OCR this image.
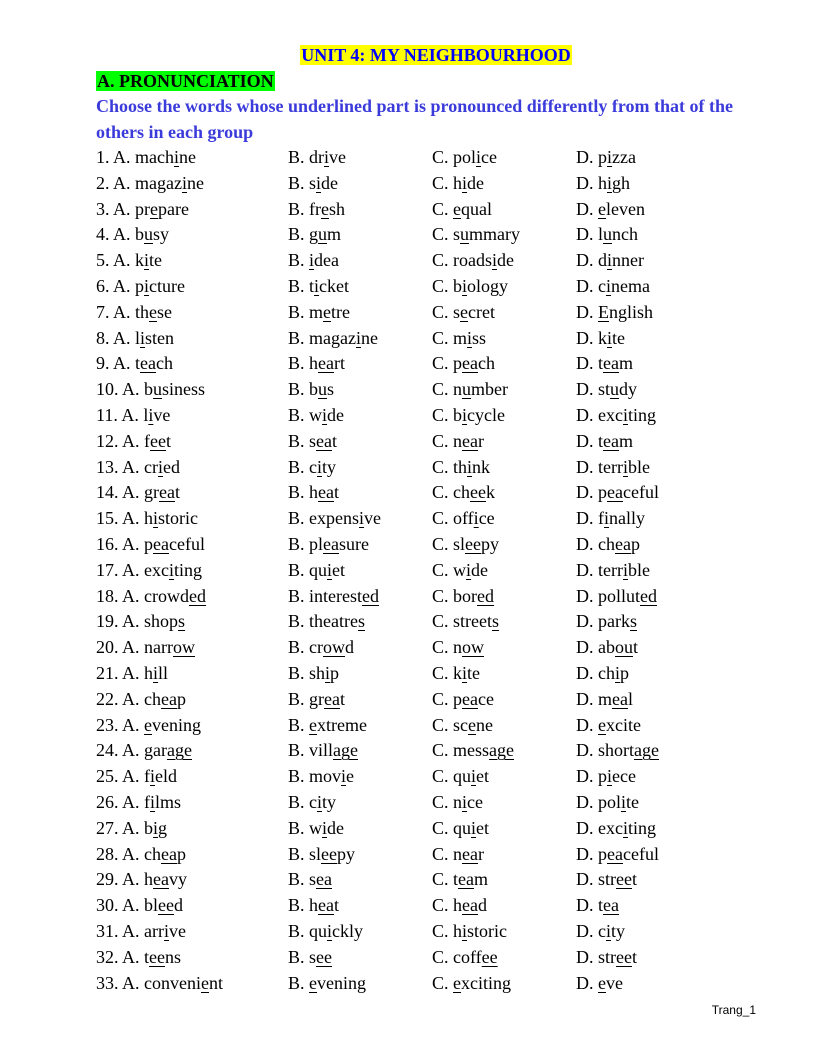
UNIT 4: MY NEIGHBOURHOOD
A. PRONUNCIATION
Choose the words whose underlined part is pronounced differently from that of the others in each group
1. A. machine	B. drive	C. police	D. pizza
2. A. magazine	B. side	C. hide	D. high
3. A. prepare	B. fresh	C. equal	D. eleven
4. A. busy	B. gum	C. summary	D. lunch
5. A. kite	B. idea	C. roadside	D. dinner
6. A. picture	B. ticket	C. biology	D. cinema
7. A. these	B. metre	C. secret	D. English
8. A. listen	B. magazine	C. miss	D. kite
9. A. teach	B. heart	C. peach	D. team
10. A. business	B. bus	C. number	D. study
11. A. live	B. wide	C. bicycle	D. exciting
12. A. feet	B. seat	C. near	D. team
13. A. cried	B. city	C. think	D. terrible
14. A. great	B. heat	C. cheek	D. peaceful
15. A. historic	B. expensive	C. office	D. finally
16. A. peaceful	B. pleasure	C. sleepy	D. cheap
17. A. exciting	B. quiet	C. wide	D. terrible
18. A. crowded	B. interested	C. bored	D. polluted
19. A. shops	B. theatres	C. streets	D. parks
20. A. narrow	B. crowd	C. now	D. about
21. A. hill	B. ship	C. kite	D. chip
22. A. cheap	B. great	C. peace	D. meal
23. A. evening	B. extreme	C. scene	D. excite
24. A. garage	B. village	C. message	D. shortage
25. A. field	B. movie	C. quiet	D. piece
26. A. films	B. city	C. nice	D. polite
27. A. big	B. wide	C. quiet	D. exciting
28. A. cheap	B. sleepy	C. near	D. peaceful
29. A. heavy	B. sea	C. team	D. street
30. A. bleed	B. heat	C. head	D. tea
31. A. arrive	B. quickly	C. historic	D. city
32. A. teens	B. see	C. coffee	D. street
33. A. convenient	B. evening	C. exciting	D. eve
Trang_1
